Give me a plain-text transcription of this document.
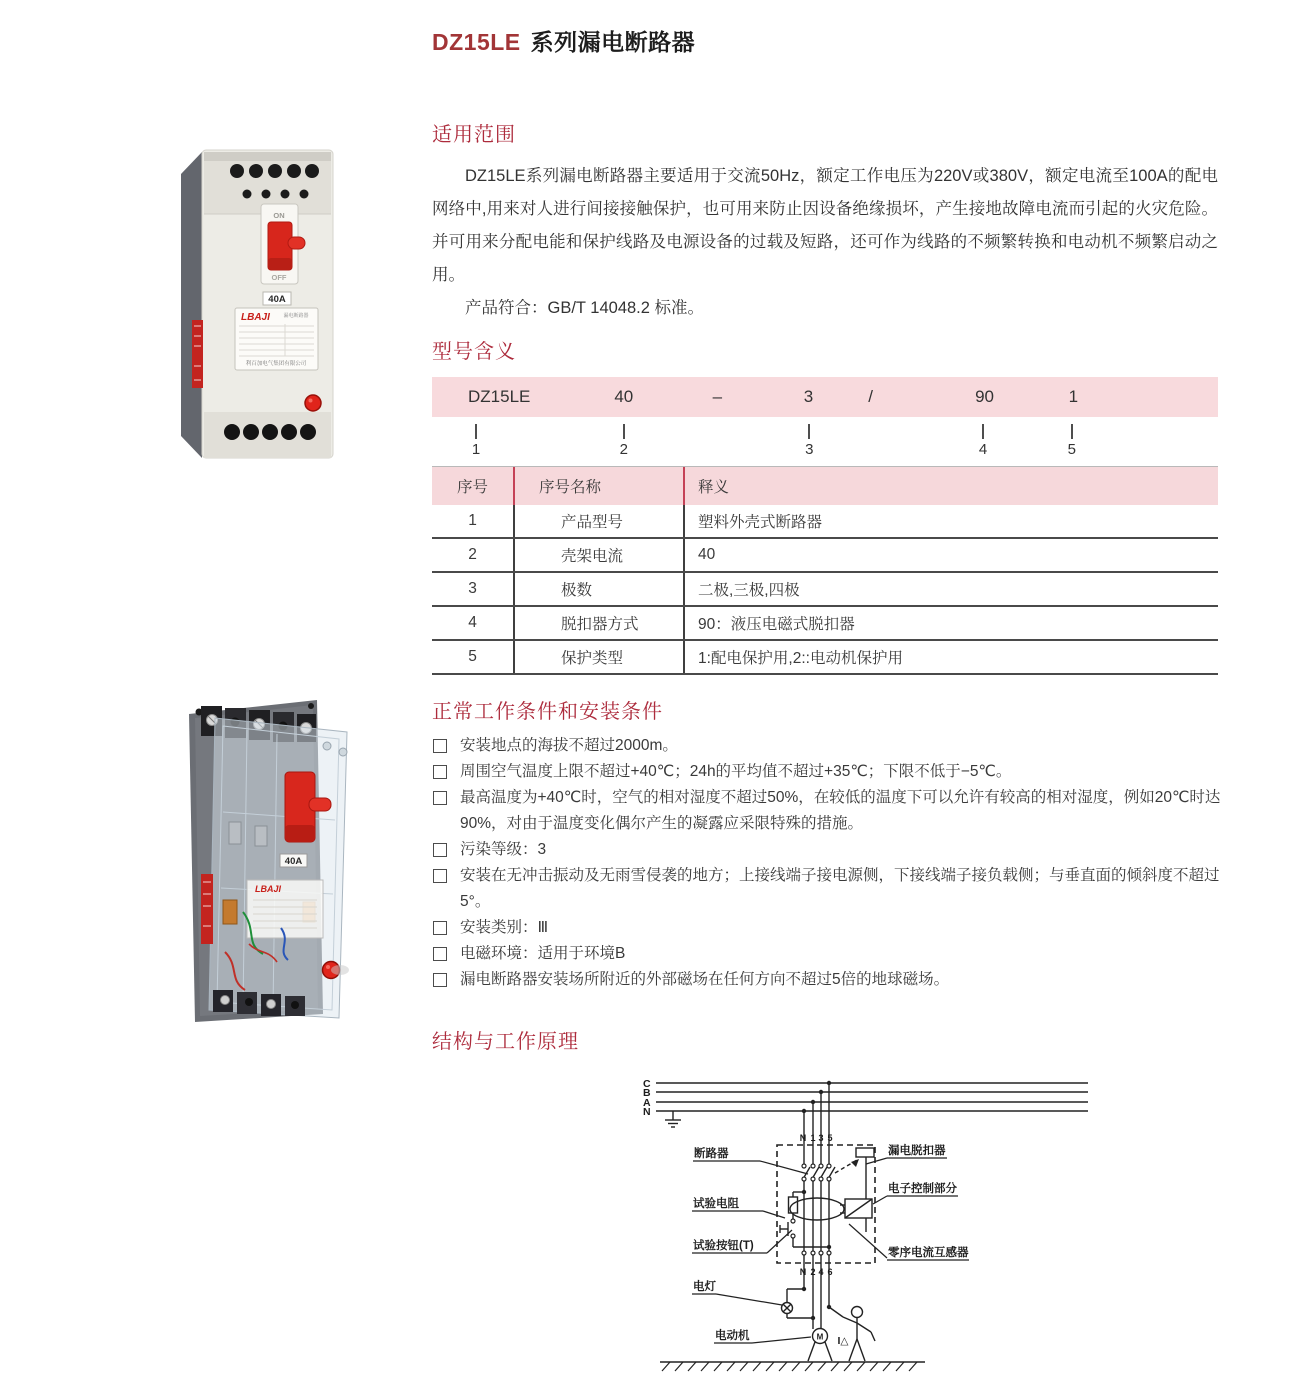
DZ15LE 系列漏电断路器
适用范围

DZ15LE系列漏电断路器主要适用于交流50Hz，额定工作电压为220V或380V，额定电流至100A的配电网络中,用来对人进行间接接触保护，也可用来防止因设备绝缘损坏，产生接地故障电流而引起的火灾危险。并可用来分配电能和保护线路及电源设备的过载及短路，还可作为线路的不频繁转换和电动机不频繁启动之用。

产品符合：GB/T 14048.2 标准。

型号含义
DZ15LE	40	–	3	/	90	1
1	2	3	4	5
序号	序号名称	释义
1	产品型号	塑料外壳式断路器
2	壳架电流	40
3	极数	二极,三极,四极
4	脱扣器方式	90：液压电磁式脱扣器
5	保护类型	1:配电保护用,2::电动机保护用
正常工作条件和安装条件
安装地点的海拔不超过2000m。
周围空气温度上限不超过+40℃；24h的平均值不超过+35℃；下限不低于−5℃。
最高温度为+40℃时，空气的相对湿度不超过50%，在较低的温度下可以允许有较高的相对湿度，例如20℃时达90%，对由于温度变化偶尔产生的凝露应采限特殊的措施。
污染等级：3
安装在无冲击振动及无雨雪侵袭的地方；上接线端子接电源侧，下接线端子接负载侧；与垂直面的倾斜度不超过5°。
安装类别：Ⅲ
电磁环境：适用于环境B
漏电断路器安装场所附近的外部磁场在任何方向不超过5倍的地球磁场。
结构与工作原理
C
B
A
N
N 1 3 5
N 2 4 6
断路器
试验电阻
试验按钮(T)
电灯
电动机
漏电脱扣器
电子控制部分
零序电流互感器
I△
M
ON
OFF
40A
LBAJI	漏电断路器
利百加电气集团有限公司
40A
LBAJI
